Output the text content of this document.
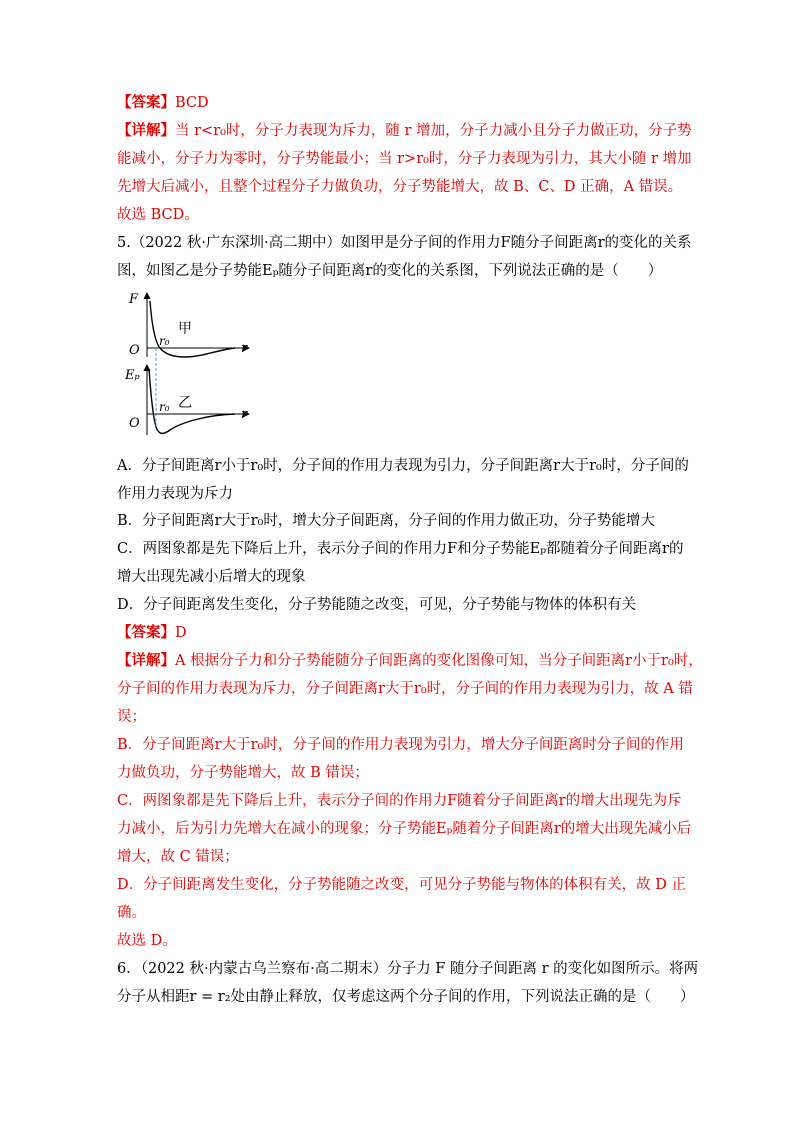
【答案】BCD
【详解】当 r<r₀时，分子力表现为斥力，随 r 增加，分子力减小且分子力做正功，分子势
能减小，分子力为零时，分子势能最小；当 r>r₀时，分子力表现为引力，其大小随 r 增加
先增大后减小，且整个过程分子力做负功，分子势能增大，故 B、C、D 正确，A 错误。
故选 BCD。
5.（2022 秋·广东深圳·高二期中）如图甲是分子间的作用力F随分子间距离r的变化的关系
图，如图乙是分子势能Eₚ随分子间距离r的变化的关系图，下列说法正确的是（　　）
A．分子间距离r小于r₀时，分子间的作用力表现为引力，分子间距离r大于r₀时，分子间的
作用力表现为斥力
B．分子间距离r大于r₀时，增大分子间距离，分子间的作用力做正功，分子势能增大
C．两图象都是先下降后上升，表示分子间的作用力F和分子势能Eₚ都随着分子间距离r的
增大出现先减小后增大的现象
D．分子间距离发生变化，分子势能随之改变，可见，分子势能与物体的体积有关
【答案】D
【详解】A 根据分子力和分子势能随分子间距离的变化图像可知，当分子间距离r小于r₀时，
分子间的作用力表现为斥力，分子间距离r大于r₀时，分子间的作用力表现为引力，故 A 错
误；
B．分子间距离r大于r₀时，分子间的作用力表现为引力，增大分子间距离时分子间的作用
力做负功，分子势能增大，故 B 错误；
C．两图象都是先下降后上升，表示分子间的作用力F随着分子间距离r的增大出现先为斥
力减小，后为引力先增大在减小的现象；分子势能Eₚ随着分子间距离r的增大出现先减小后
增大，故 C 错误；
D．分子间距离发生变化，分子势能随之改变，可见分子势能与物体的体积有关，故 D 正
确。
故选 D。
6．（2022 秋·内蒙古乌兰察布·高二期末）分子力 F 随分子间距离 r 的变化如图所示。将两
分子从相距r = r₂处由静止释放，仅考虑这两个分子间的作用，下列说法正确的是（　　）
F
r
O
r₀
甲
Eₚ
r
O
r₀ 乙
